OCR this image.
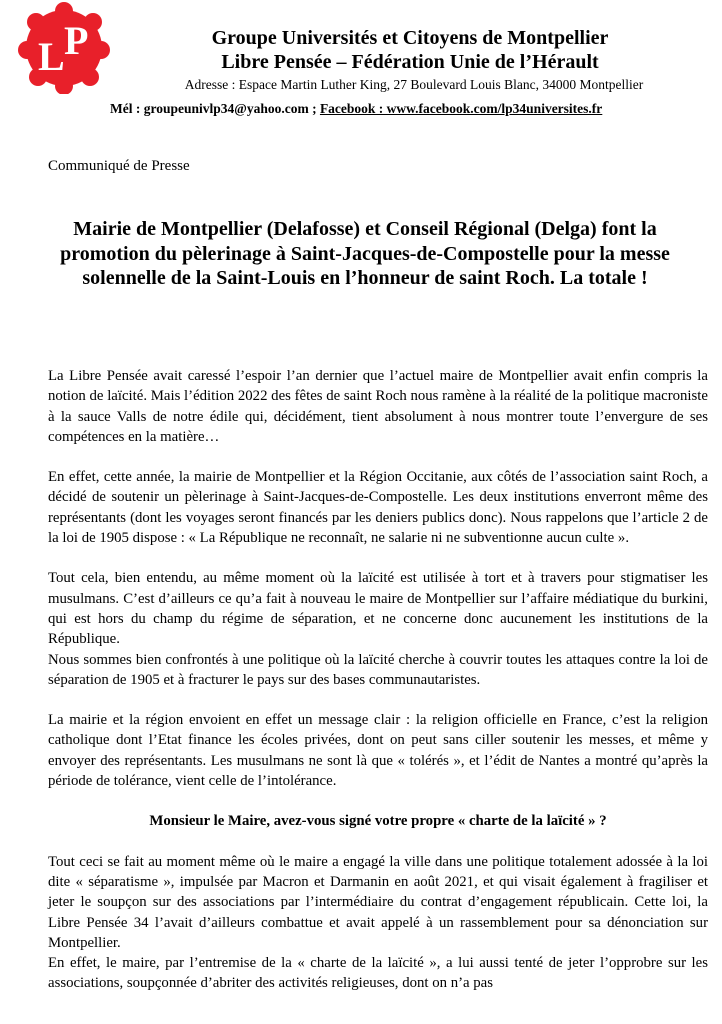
L P	Groupe Universités et Citoyens de Montpellier
Libre Pensée – Fédération Unie de l’Hérault
Adresse : Espace Martin Luther King, 27 Boulevard Louis Blanc, 34000 Montpellier
Mél : groupeunivlp34@yahoo.com ; Facebook : www.facebook.com/lp34universites.fr
Communiqué de Presse
Mairie de Montpellier (Delafosse) et Conseil Régional (Delga) font la promotion du pèlerinage à Saint-Jacques-de-Compostelle pour la messe solennelle de la Saint-Louis en l’honneur de saint Roch. La totale !

La Libre Pensée avait caressé l’espoir l’an dernier que l’actuel maire de Montpellier avait enfin compris la notion de laïcité. Mais l’édition 2022 des fêtes de saint Roch nous ramène à la réalité de la politique macroniste à la sauce Valls de notre édile qui, décidément, tient absolument à nous montrer toute l’envergure de ses compétences en la matière…

En effet, cette année, la mairie de Montpellier et la Région Occitanie, aux côtés de l’association saint Roch, a décidé de soutenir un pèlerinage à Saint-Jacques-de-Compostelle. Les deux institutions enverront même des représentants (dont les voyages seront financés par les deniers publics donc). Nous rappelons que l’article 2 de la loi de 1905 dispose : « La République ne reconnaît, ne salarie ni ne subventionne aucun culte ».

Tout cela, bien entendu, au même moment où la laïcité est utilisée à tort et à travers pour stigmatiser les musulmans. C’est d’ailleurs ce qu’a fait à nouveau le maire de Montpellier sur l’affaire médiatique du burkini, qui est hors du champ du régime de séparation, et ne concerne donc aucunement les institutions de la République.

Nous sommes bien confrontés à une politique où la laïcité cherche à couvrir toutes les attaques contre la loi de séparation de 1905 et à fracturer le pays sur des bases communautaristes.

La mairie et la région envoient en effet un message clair : la religion officielle en France, c’est la religion catholique dont l’Etat finance les écoles privées, dont on peut sans ciller soutenir les messes, et même y envoyer des représentants. Les musulmans ne sont là que « tolérés », et l’édit de Nantes a montré qu’après la période de tolérance, vient celle de l’intolérance.

Monsieur le Maire, avez-vous signé votre propre « charte de la laïcité » ?

Tout ceci se fait au moment même où le maire a engagé la ville dans une politique totalement adossée à la loi dite « séparatisme », impulsée par Macron et Darmanin en août 2021, et qui visait également à fragiliser et jeter le soupçon sur des associations par l’intermédiaire du contrat d’engagement républicain. Cette loi, la Libre Pensée 34 l’avait d’ailleurs combattue et avait appelé à un rassemblement pour sa dénonciation sur Montpellier.

En effet, le maire, par l’entremise de la « charte de la laïcité », a lui aussi tenté de jeter l’opprobre sur les associations, soupçonnée d’abriter des activités religieuses, dont on n’a pas
